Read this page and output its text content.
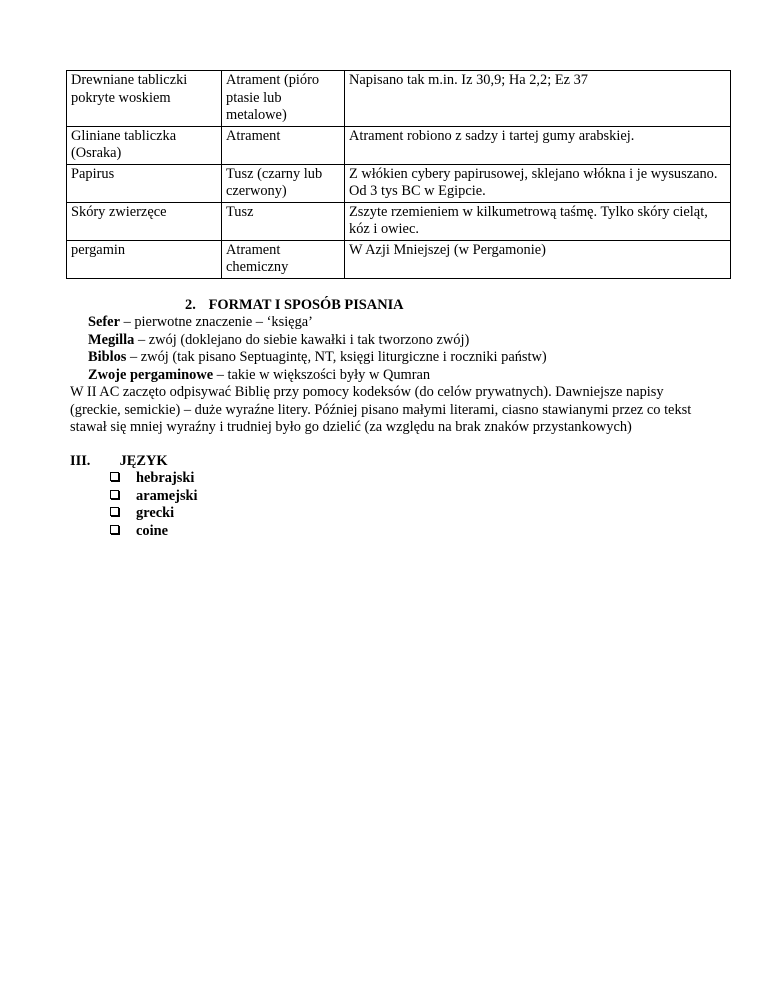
Drewniane tabliczki pokryte woskiem	Atrament (pióro ptasie lub metalowe)	Napisano tak m.in. Iz 30,9; Ha 2,2; Ez 37
Gliniane tabliczka (Osraka)	Atrament	Atrament robiono z sadzy i tartej gumy arabskiej.
Papirus	Tusz (czarny lub czerwony)	Z włókien cybery papirusowej, sklejano włókna i je wysuszano. Od 3 tys BC w Egipcie.
Skóry zwierzęce	Tusz	Zszyte rzemieniem w kilkumetrową taśmę. Tylko skóry cieląt, kóz i owiec.
pergamin	Atrament chemiczny	W Azji Mniejszej (w Pergamonie)
2. FORMAT I SPOSÓB PISANIA
Sefer – pierwotne znaczenie – ‘księga’
Megilla – zwój (doklejano do siebie kawałki i tak tworzono zwój)
Biblos – zwój (tak pisano Septuagintę, NT, księgi liturgiczne i roczniki państw)
Zwoje pergaminowe – takie w większości były w Qumran
W II AC zaczęto odpisywać Biblię przy pomocy kodeksów (do celów prywatnych). Dawniejsze napisy (greckie, semickie) – duże wyraźne litery. Później pisano małymi literami, ciasno stawianymi przez co tekst stawał się mniej wyraźny i trudniej było go dzielić (za względu na brak znaków przystankowych)
III. JĘZYK
hebrajski
aramejski
grecki
coine
